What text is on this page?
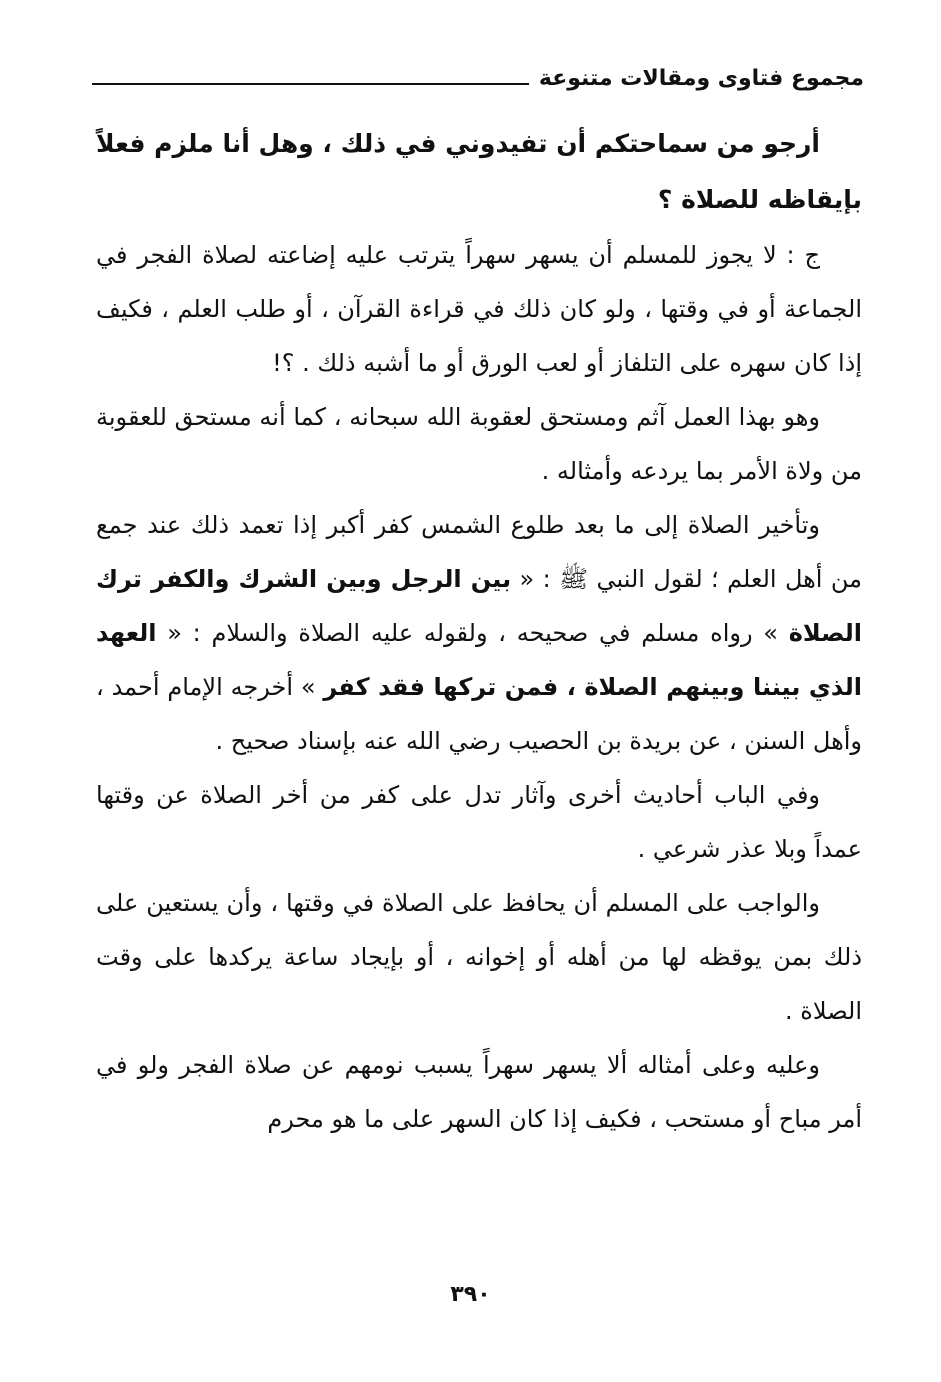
مجموع فتاوى ومقالات متنوعة

أرجو من سماحتكم أن تفيدوني في ذلك ، وهل أنا ملزم فعلاً بإيقاظه للصلاة ؟

ج : لا يجوز للمسلم أن يسهر سهراً يترتب عليه إضاعته لصلاة الفجر في الجماعة أو في وقتها ، ولو كان ذلك في قراءة القرآن ، أو طلب العلم ، فكيف إذا كان سهره على التلفاز أو لعب الورق أو ما أشبه ذلك . ؟!

وهو بهذا العمل آثم ومستحق لعقوبة الله سبحانه ، كما أنه مستحق للعقوبة من ولاة الأمر بما يردعه وأمثاله .

وتأخير الصلاة إلى ما بعد طلوع الشمس كفر أكبر إذا تعمد ذلك عند جمع من أهل العلم ؛ لقول النبي ﷺ : « بين الرجل وبين الشرك والكفر ترك الصلاة » رواه مسلم في صحيحه ، ولقوله عليه الصلاة والسلام : « العهد الذي بيننا وبينهم الصلاة ، فمن تركها فقد كفر » أخرجه الإمام أحمد ، وأهل السنن ، عن بريدة بن الحصيب رضي الله عنه بإسناد صحيح .

وفي الباب أحاديث أخرى وآثار تدل على كفر من أخر الصلاة عن وقتها عمداً وبلا عذر شرعي .

والواجب على المسلم أن يحافظ على الصلاة في وقتها ، وأن يستعين على ذلك بمن يوقظه لها من أهله أو إخوانه ، أو بإيجاد ساعة يركدها على وقت الصلاة .

وعليه وعلى أمثاله ألا يسهر سهراً يسبب نومهم عن صلاة الفجر ولو في أمر مباح أو مستحب ، فكيف إذا كان السهر على ما هو محرم

٣٩٠
